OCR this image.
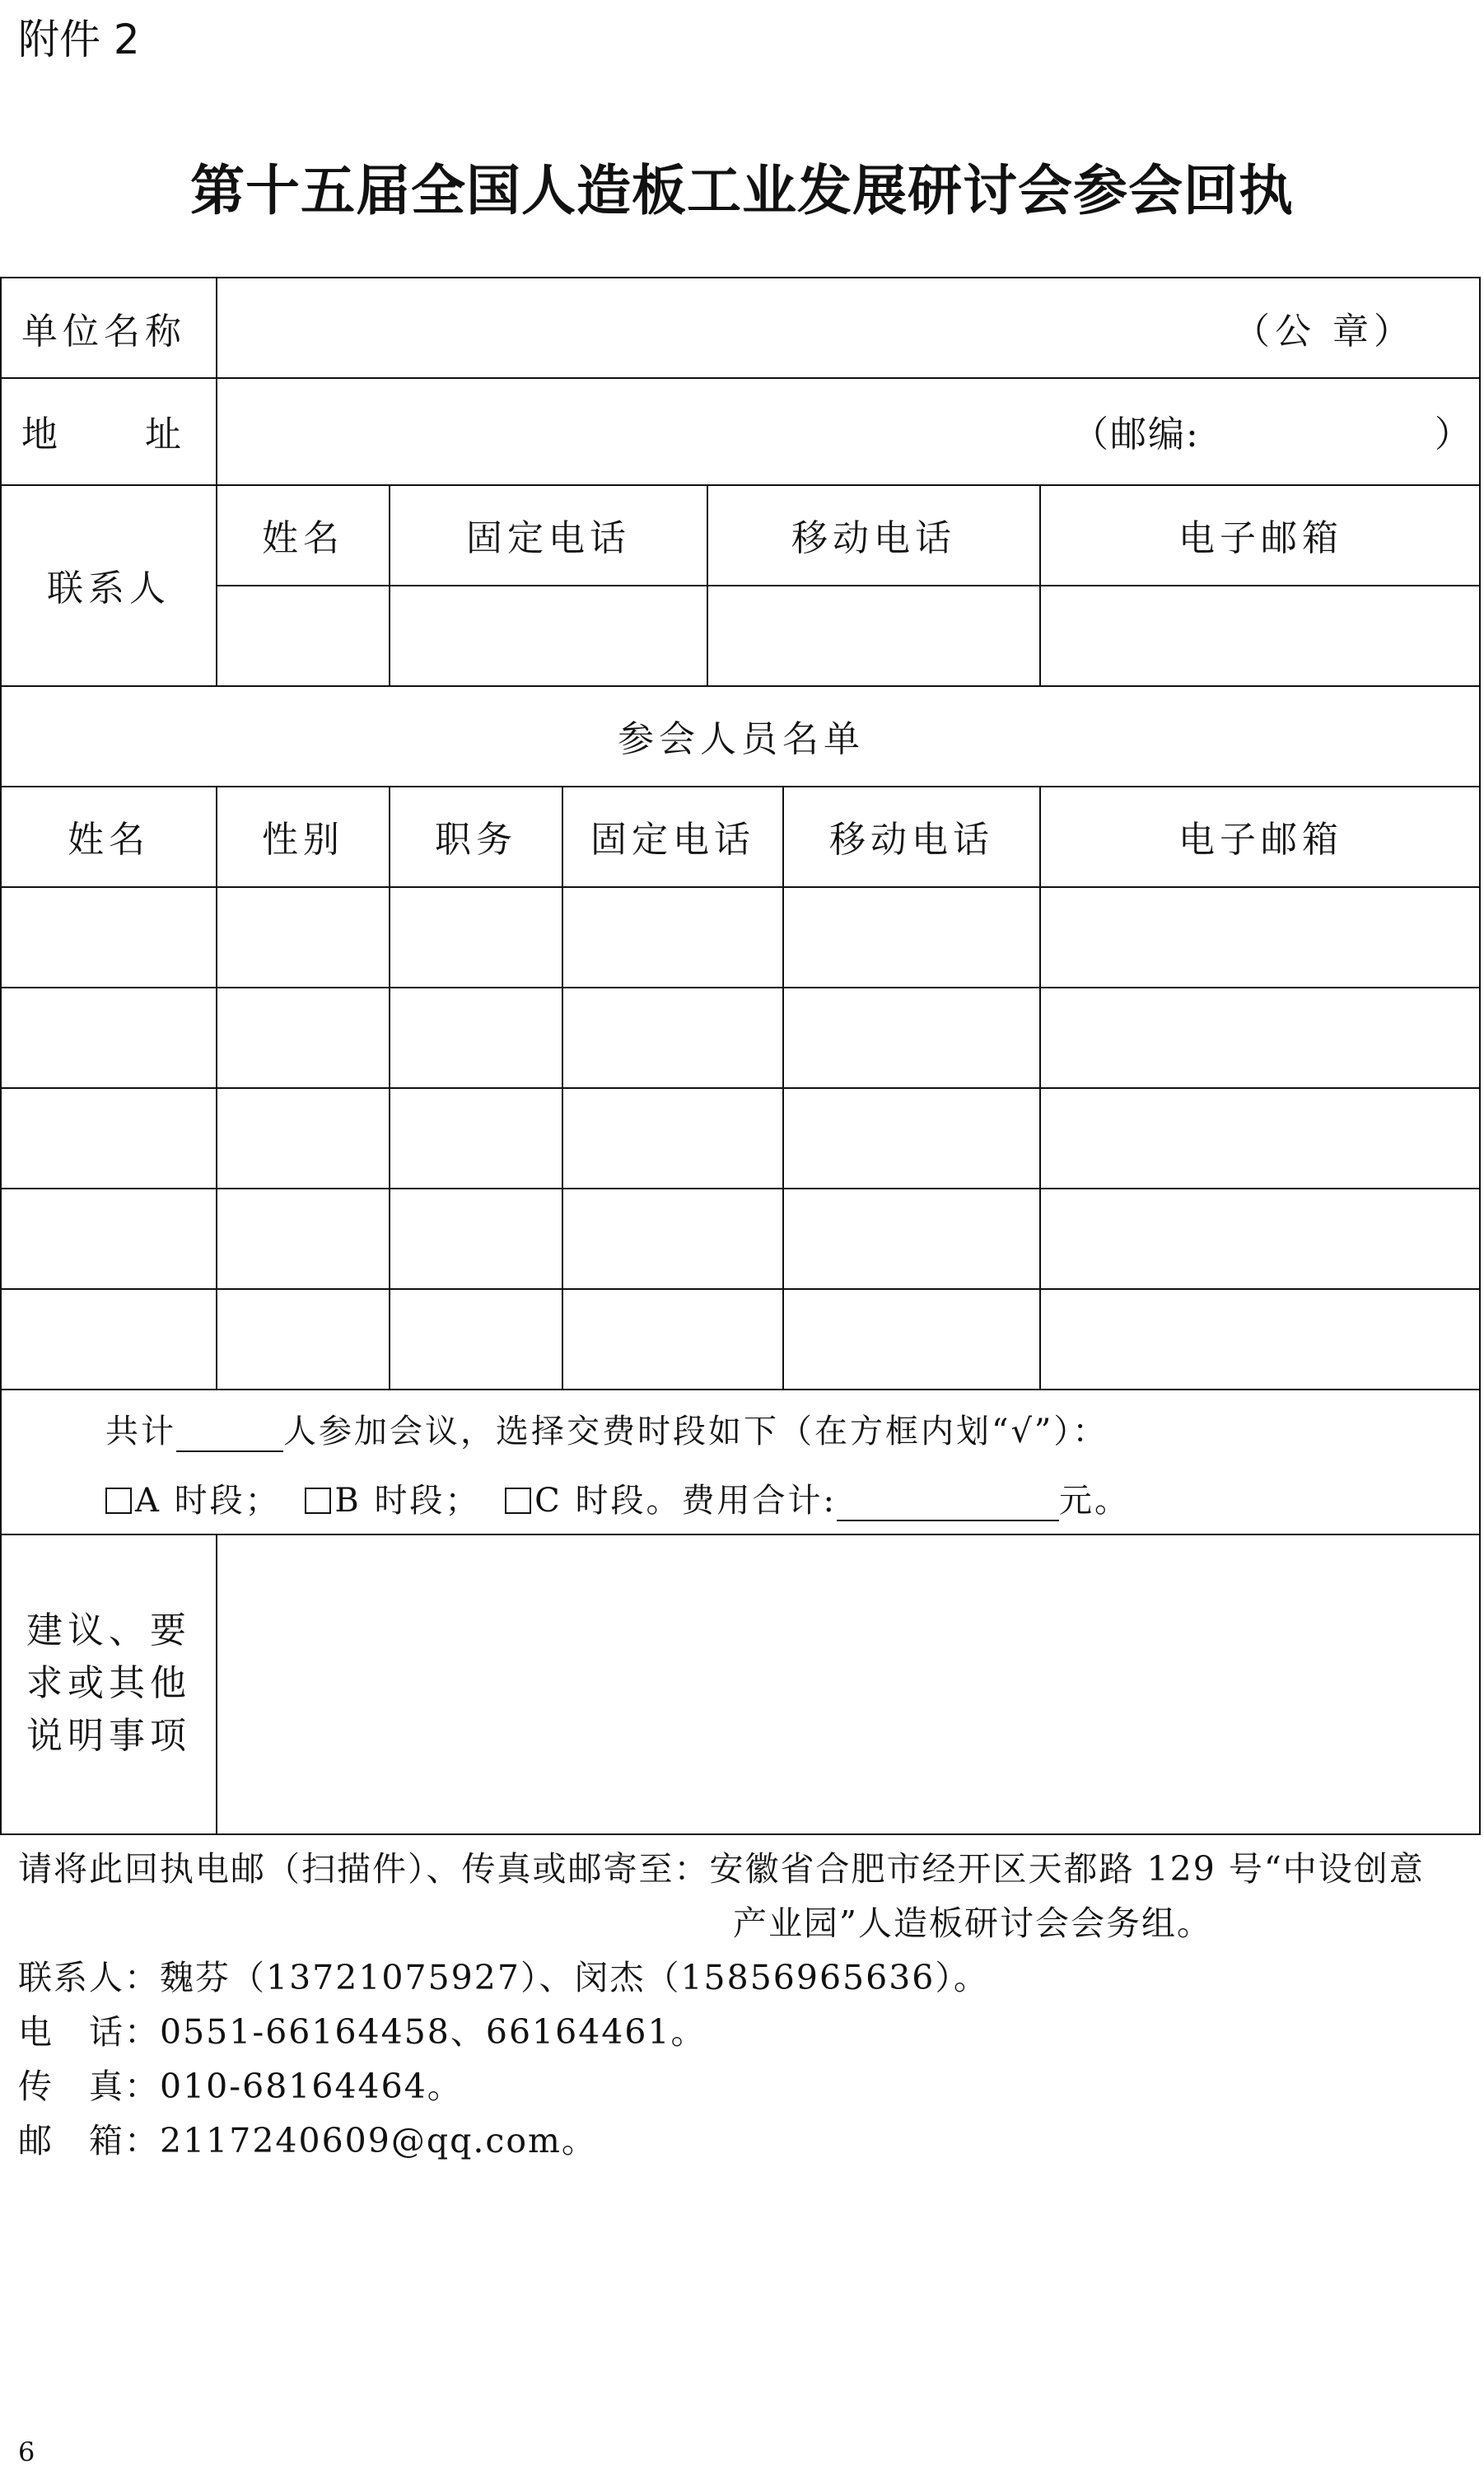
附件 2
第十五届全国人造板工业发展研讨会参会回执
单位名称	（公 章）
地　　址	（邮编:	）
联系人
姓名	固定电话	移动电话	电子邮箱
参会人员名单
姓名	性别	职务	固定电话	移动电话	电子邮箱
共计	人参加会议，选择交费时段如下（在方框内划“√”）：
A 时段； B 时段； C 时段。费用合计:	元。
建议、要
求或其他
说明事项
请将此回执电邮（扫描件）、传真或邮寄至：安徽省合肥市经开区天都路 129 号“中设创意
产业园”人造板研讨会会务组。
联系人：魏芬（13721075927）、闵杰（15856965636）。
电　话：0551-66164458、66164461。
传　真：010-68164464。
邮　箱：2117240609@qq.com。
6
